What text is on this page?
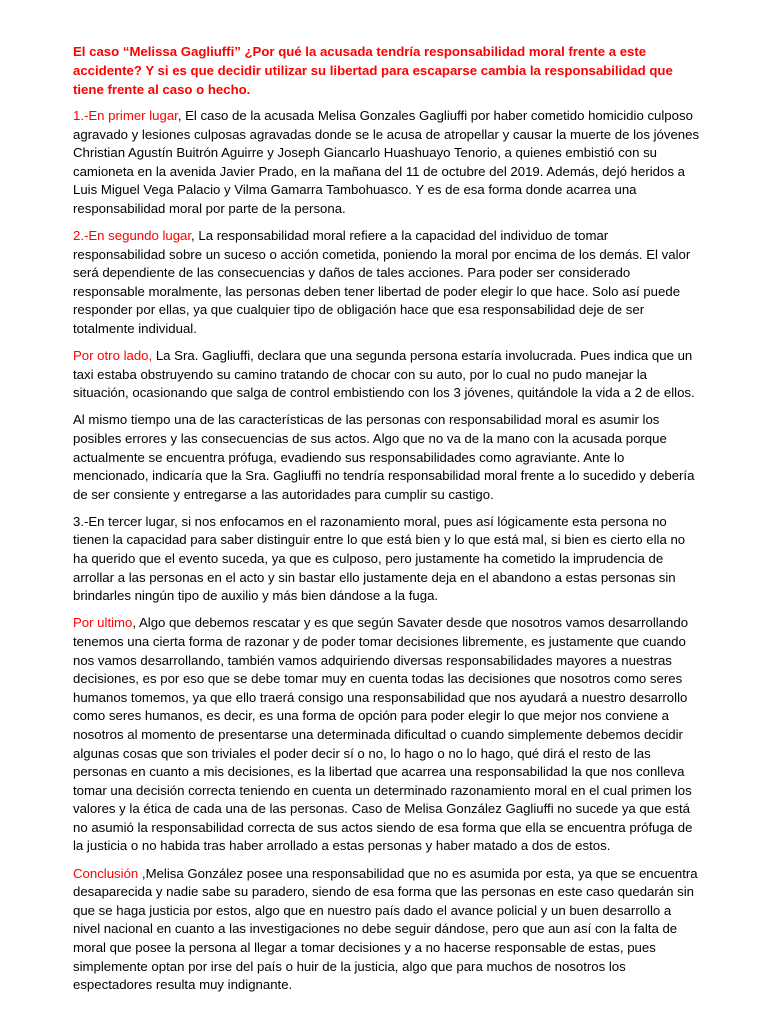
El caso “Melissa Gagliuffi” ¿Por qué la acusada tendría responsabilidad moral frente a este accidente? Y si es que decidir utilizar su libertad para escaparse cambia la responsabilidad que tiene frente al caso o hecho.

1.-En primer lugar, El caso de la acusada Melisa Gonzales Gagliuffi por haber cometido homicidio culposo agravado y lesiones culposas agravadas donde se le acusa de atropellar y causar la muerte de los jóvenes Christian Agustín Buitrón Aguirre y Joseph Giancarlo Huashuayo Tenorio, a quienes embistió con su camioneta en la avenida Javier Prado, en la mañana del 11 de octubre del 2019. Además, dejó heridos a Luis Miguel Vega Palacio y Vilma Gamarra Tambohuasco. Y es de esa forma donde acarrea una responsabilidad moral por parte de la persona.

2.-En segundo lugar, La responsabilidad moral refiere a la capacidad del individuo de tomar responsabilidad sobre un suceso o acción cometida, poniendo la moral por encima de los demás. El valor será dependiente de las consecuencias y daños de tales acciones. Para poder ser considerado responsable moralmente, las personas deben tener libertad de poder elegir lo que hace. Solo así puede responder por ellas, ya que cualquier tipo de obligación hace que esa responsabilidad deje de ser totalmente individual.

Por otro lado, La Sra. Gagliuffi, declara que una segunda persona estaría involucrada. Pues indica que un taxi estaba obstruyendo su camino tratando de chocar con su auto, por lo cual no pudo manejar la situación, ocasionando que salga de control embistiendo con los 3 jóvenes, quitándole la vida a 2 de ellos.

Al mismo tiempo una de las características de las personas con responsabilidad moral es asumir los posibles errores y las consecuencias de sus actos. Algo que no va de la mano con la acusada porque actualmente se encuentra prófuga, evadiendo sus responsabilidades como agraviante. Ante lo mencionado, indicaría que la Sra. Gagliuffi no tendría responsabilidad moral frente a lo sucedido y debería de ser consiente y entregarse a las autoridades para cumplir su castigo.

3.-En tercer lugar, si nos enfocamos en el razonamiento moral, pues así lógicamente esta persona no tienen la capacidad para saber distinguir entre lo que está bien y lo que está mal, si bien es cierto ella no ha querido que el evento suceda, ya que es culposo, pero justamente ha cometido la imprudencia de arrollar a las personas en el acto y sin bastar ello justamente deja en el abandono a estas personas sin brindarles ningún tipo de auxilio y más bien dándose a la fuga.

Por ultimo, Algo que debemos rescatar y es que según Savater desde que nosotros vamos desarrollando tenemos una cierta forma de razonar y de poder tomar decisiones libremente, es justamente que cuando nos vamos desarrollando, también vamos adquiriendo diversas responsabilidades mayores a nuestras decisiones, es por eso que se debe tomar muy en cuenta todas las decisiones que nosotros como seres humanos tomemos, ya que ello traerá consigo una responsabilidad que nos ayudará a nuestro desarrollo como seres humanos, es decir, es una forma de opción para poder elegir lo que mejor nos conviene a nosotros al momento de presentarse una determinada dificultad o cuando simplemente debemos decidir algunas cosas que son triviales el poder decir sí o no, lo hago o no lo hago, qué dirá el resto de las personas en cuanto a mis decisiones, es la libertad que acarrea una responsabilidad la que nos conlleva tomar una decisión correcta teniendo en cuenta un determinado razonamiento moral en el cual primen los valores y la ética de cada una de las personas. Caso de Melisa González Gagliuffi no sucede ya que está no asumió la responsabilidad correcta de sus actos siendo de esa forma que ella se encuentra prófuga de la justicia o no habida tras haber arrollado a estas personas y haber matado a dos de estos.

Conclusión ,Melisa González posee una responsabilidad que no es asumida por esta, ya que se encuentra desaparecida y nadie sabe su paradero, siendo de esa forma que las personas en este caso quedarán sin que se haga justicia por estos, algo que en nuestro país dado el avance policial y un buen desarrollo a nivel nacional en cuanto a las investigaciones no debe seguir dándose, pero que aun así con la falta de moral que posee la persona al llegar a tomar decisiones y a no hacerse responsable de estas, pues simplemente optan por irse del país o huir de la justicia, algo que para muchos de nosotros los espectadores resulta muy indignante.
